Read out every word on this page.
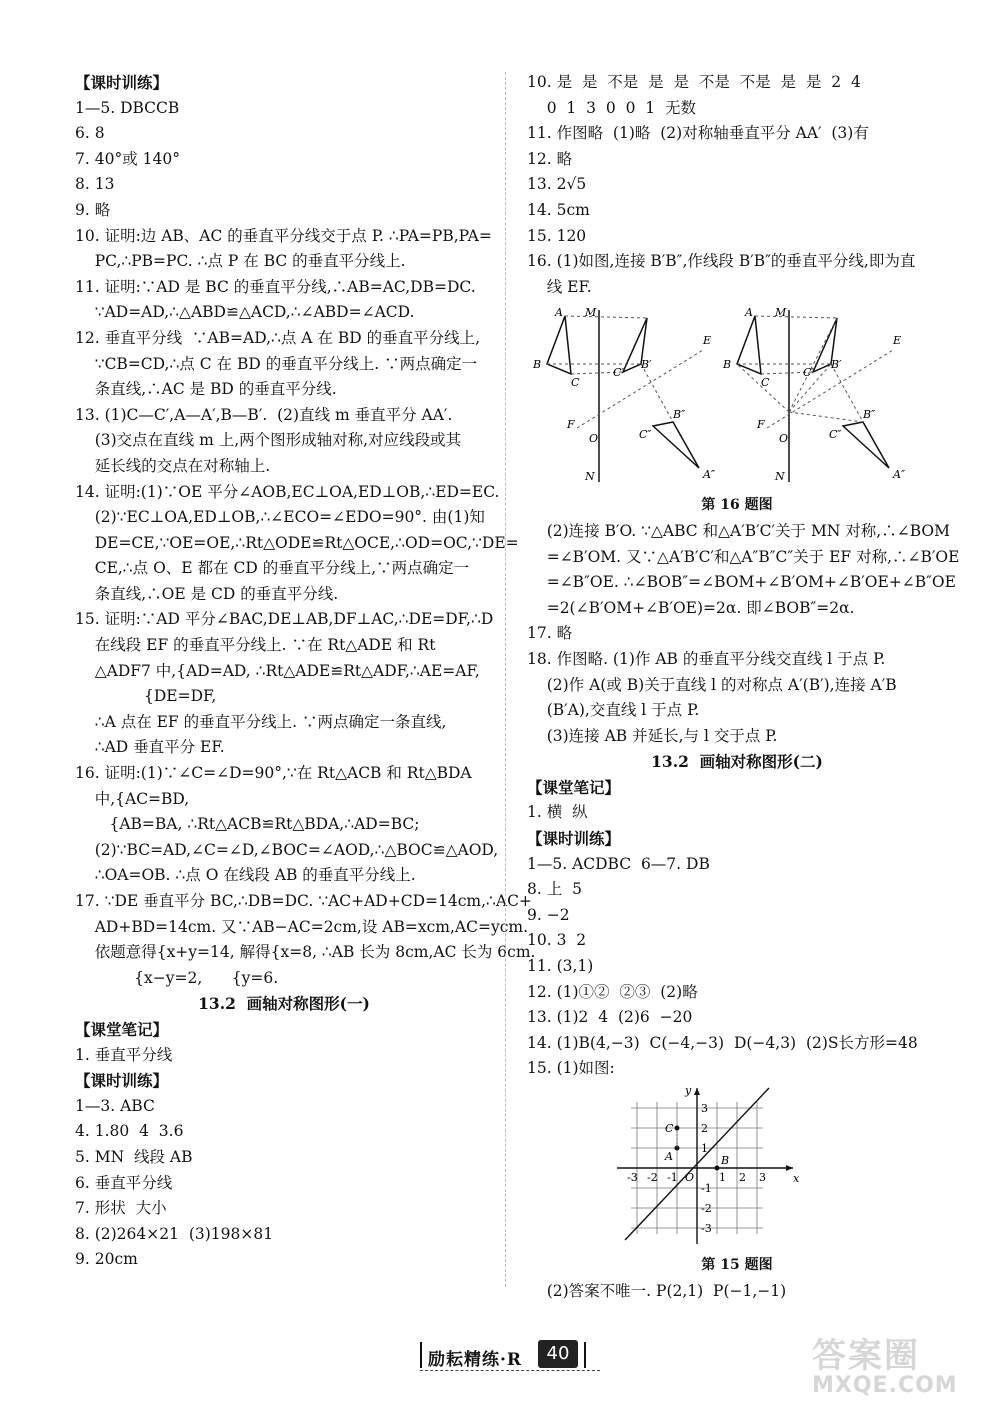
【课时训练】
1—5. DBCCB
6. 8
7. 40°或 140°
8. 13
9. 略
10. 证明:边 AB、AC 的垂直平分线交于点 P. ∴PA=PB,PA=
PC,∴PB=PC. ∴点 P 在 BC 的垂直平分线上.
11. 证明:∵AD 是 BC 的垂直平分线,∴AB=AC,DB=DC.
∵AD=AD,∴△ABD≌△ACD,∴∠ABD=∠ACD.
12. 垂直平分线  ∵AB=AD,∴点 A 在 BD 的垂直平分线上,
∵CB=CD,∴点 C 在 BD 的垂直平分线上. ∵两点确定一
条直线,∴AC 是 BD 的垂直平分线.
13. (1)C—C′,A—A′,B—B′.  (2)直线 m 垂直平分 AA′.
(3)交点在直线 m 上,两个图形成轴对称,对应线段或其
延长线的交点在对称轴上.
14. 证明:(1)∵OE 平分∠AOB,EC⊥OA,ED⊥OB,∴ED=EC.
(2)∵EC⊥OA,ED⊥OB,∴∠ECO=∠EDO=90°. 由(1)知
DE=CE,∵OE=OE,∴Rt△ODE≌Rt△OCE,∴OD=OC,∵DE=
CE,∴点 O、E 都在 CD 的垂直平分线上,∵两点确定一
条直线,∴OE 是 CD 的垂直平分线.
15. 证明:∵AD 平分∠BAC,DE⊥AB,DF⊥AC,∴DE=DF,∴D
在线段 EF 的垂直平分线上. ∵在 Rt△ADE 和 Rt
△ADF7 中,{AD=AD, ∴Rt△ADE≌Rt△ADF,∴AE=AF,
{DE=DF,
∴A 点在 EF 的垂直平分线上. ∵两点确定一条直线,
∴AD 垂直平分 EF.
16. 证明:(1)∵∠C=∠D=90°,∵在 Rt△ACB 和 Rt△BDA
中,{AC=BD,
{AB=BA, ∴Rt△ACB≌Rt△BDA,∴AD=BC;
(2)∵BC=AD,∠C=∠D,∠BOC=∠AOD,∴△BOC≌△AOD,
∴OA=OB. ∴点 O 在线段 AB 的垂直平分线上.
17. ∵DE 垂直平分 BC,∴DB=DC. ∵AC+AD+CD=14cm,∴AC+
AD+BD=14cm. 又∵AB−AC=2cm,设 AB=xcm,AC=ycm.
依题意得{x+y=14, 解得{x=8, ∴AB 长为 8cm,AC 长为 6cm.
{x−y=2,      {y=6.
13.2  画轴对称图形(一)
【课堂笔记】
1. 垂直平分线
【课时训练】
1—3. ABC
4. 1.80  4  3.6
5. MN  线段 AB
6. 垂直平分线
7. 形状  大小
8. (2)264×21  (3)198×81
9. 20cm
10. 是  是  不是  是  是  不是  不是  是  是  2  4
0  1  3  0  0  1  无数
11. 作图略  (1)略  (2)对称轴垂直平分 AA′  (3)有
12. 略
13. 2√5
14. 5cm
15. 120
16. (1)如图,连接 B′B″,作线段 B′B″的垂直平分线,即为直
线 EF.
A
B
C
M
N
C′
B′
E
F
O
B″
C″
A″
A
B
C
M
N
C′
B′
E
F
O
B″
C″
A″
第 16 题图
(2)连接 B′O. ∵△ABC 和△A′B′C′关于 MN 对称,∴∠BOM
=∠B′OM. 又∵△A′B′C′和△A″B″C″关于 EF 对称,∴∠B′OE
=∠B″OE. ∴∠BOB″=∠BOM+∠B′OM+∠B′OE+∠B″OE
=2(∠B′OM+∠B′OE)=2α. 即∠BOB″=2α.
17. 略
18. 作图略. (1)作 AB 的垂直平分线交直线 l 于点 P.
(2)作 A(或 B)关于直线 l 的对称点 A′(B′),连接 A′B
(B′A),交直线 l 于点 P.
(3)连接 AB 并延长,与 l 交于点 P.
13.2  画轴对称图形(二)
【课堂笔记】
1. 横  纵
【课时训练】
1—5. ACDBC  6—7. DB
8. 上  5
9. −2
10. 3  2
11. (3,1)
12. (1)①②  ②③  (2)略
13. (1)2  4  (2)6  −20
14. (1)B(4,−3)  C(−4,−3)  D(−4,3)  (2)S长方形=48
15. (1)如图:
-3 -2 -1	1 2 3
3
2
1
-1
-2
-3
x
y
O
A	B
C
第 15 题图
(2)答案不唯一. P(2,1)  P(−1,−1)
励耘精练·R	40	答案圈
MXQE.COM
